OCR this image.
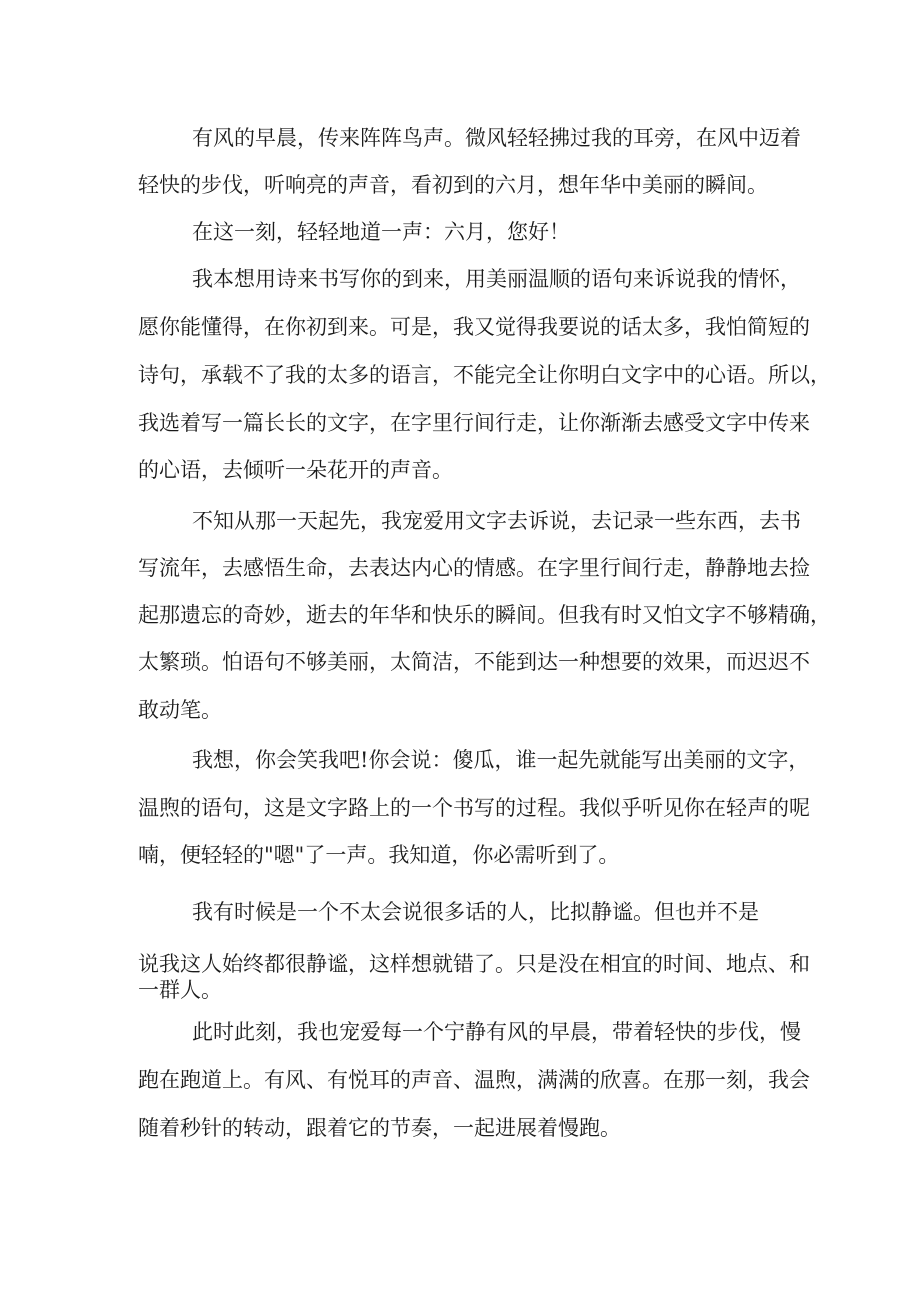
有风的早晨，传来阵阵鸟声。微风轻轻拂过我的耳旁，在风中迈着
轻快的步伐，听响亮的声音，看初到的六月，想年华中美丽的瞬间。
在这一刻，轻轻地道一声：六月，您好！
我本想用诗来书写你的到来，用美丽温顺的语句来诉说我的情怀，
愿你能懂得，在你初到来。可是，我又觉得我要说的话太多，我怕简短的
诗句，承载不了我的太多的语言，不能完全让你明白文字中的心语。所以，
我选着写一篇长长的文字，在字里行间行走，让你渐渐去感受文字中传来
的心语，去倾听一朵花开的声音。
不知从那一天起先，我宠爱用文字去诉说，去记录一些东西，去书
写流年，去感悟生命，去表达内心的情感。在字里行间行走，静静地去捡
起那遗忘的奇妙，逝去的年华和快乐的瞬间。但我有时又怕文字不够精确，
太繁琐。怕语句不够美丽，太简洁，不能到达一种想要的效果，而迟迟不
敢动笔。
我想，你会笑我吧!你会说：傻瓜，谁一起先就能写出美丽的文字，
温煦的语句，这是文字路上的一个书写的过程。我似乎听见你在轻声的呢
喃，便轻轻的"嗯"了一声。我知道，你必需听到了。
我有时候是一个不太会说很多话的人，比拟静谧。但也并不是
说我这人始终都很静谧，这样想就错了。只是没在相宜的时间、地点、和
一群人。
此时此刻，我也宠爱每一个宁静有风的早晨，带着轻快的步伐，慢
跑在跑道上。有风、有悦耳的声音、温煦，满满的欣喜。在那一刻，我会
随着秒针的转动，跟着它的节奏，一起进展着慢跑。
